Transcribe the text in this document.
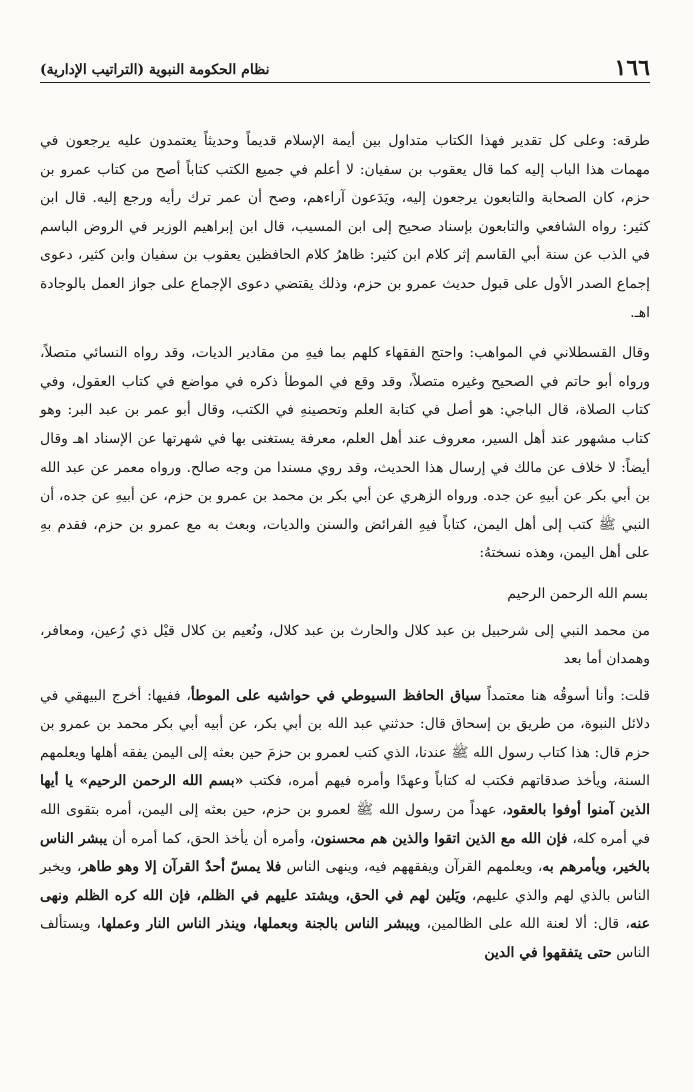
١٦٦
نظام الحكومة النبوية (التراتيب الإدارية)

طرقه: وعلى كل تقدير فهذا الكتاب متداول بين أيمة الإسلام قديماً وحديثاً يعتمدون عليه يرجعون في مهمات هذا الباب إليه كما قال يعقوب بن سفيان: لا أعلم في جميع الكتب كتاباً أصح من كتاب عمرو بن حزم، كان الصحابة والتابعون يرجعون إليه، ويَدَعون آراءهم، وصح أن عمر ترك رأيه ورجع إليه. قال ابن كثير: رواه الشافعي والتابعون بإسناد صحيح إلى ابن المسيب، قال ابن إبراهيم الوزير في الروض الباسم في الذب عن سنة أبي القاسم إثر كلام ابن كثير: ظاهرُ كلام الحافظين يعقوب بن سفيان وابن كثير، دعوى إجماع الصدر الأول على قبول حديث عمرو بن حزم، وذلك يقتضي دعوى الإجماع على جواز العمل بالوجادة اهـ.

وقال القسطلاني في المواهب: واحتج الفقهاء كلهم بما فيهِ من مقادير الديات، وقد رواه النسائي متصلاً، ورواه أبو حاتم في الصحيح وغيره متصلاً، وقد وقع في الموطأ ذكره في مواضع في كتاب العقول، وفي كتاب الصلاة، قال الباجي: هو أصل في كتابة العلم وتحصينهِ في الكتب، وقال أبو عمر بن عبد البر: وهو كتاب مشهور عند أهل السير، معروف عند أهل العلم، معرفة يستغنى بها في شهرتها عن الإسناد اهـ وقال أيضاً: لا خلاف عن مالك في إرسال هذا الحديث، وقد روي مسندا من وجه صالح. ورواه معمر عن عبد الله بن أبي بكر عن أبيهِ عن جده. ورواه الزهري عن أبي بكر بن محمد بن عمرو بن حزم، عن أبيهِ عن جده، أن النبي ﷺ كتب إلى أهل اليمن، كتاباً فيهِ الفرائض والسنن والديات، وبعث به مع عمرو بن حزم، فقدم بهِ على أهل اليمن، وهذه نسختهُ:

بسم الله الرحمن الرحيم

من محمد النبي إلى شرحبيل بن عبد كلال والحارث بن عبد كلال، ونُعيم بن كلال قيْل ذي رُعين، ومعافر، وهمدان أما بعد

قلت: وأنا أسوقُه هنا معتمداً سياق الحافظ السيوطي في حواشيه على الموطأ، ففيها: أخرج البيهقي في دلائل النبوة، من طريق بن إسحاق قال: حدثني عبد الله بن أبي بكر، عن أبيه أبي بكر محمد بن عمرو بن حزم قال: هذا كتاب رسول الله ﷺ عندنا، الذي كتب لعمرو بن حزمَ حين بعثه إلى اليمن يفقه أهلها ويعلمهم السنة، ويأخذ صدقاتهم فكتب له كتاباً وعهدًا وأمره فيهم أمره، فكتب «بسم الله الرحمن الرحيم» يا أيها الذين آمنوا أوفوا بالعقود، عهداً من رسول الله ﷺ لعمرو بن حزم، حين بعثه إلى اليمن، أمره بتقوى الله في أمره كله، فإن الله مع الذين اتقوا والذين هم محسنون، وأمره أن يأخذ الحق، كما أمره أن يبشر الناس بالخير، ويأمرهم به، ويعلمهم القرآن ويفقههم فيه، وينهى الناس فلا يمسّ أحدٌ القرآن إلا وهو طاهر، ويخبر الناس بالذي لهم والذي عليهم، ويَلين لهم في الحق، ويشتد عليهم في الظلم، فإن الله كره الظلم ونهى عنه، قال: ألا لعنة الله على الظالمين، ويبشر الناس بالجنة وبعملها، وينذر الناس النار وعملها، ويستألف الناس حتى يتفقهوا في الدين
